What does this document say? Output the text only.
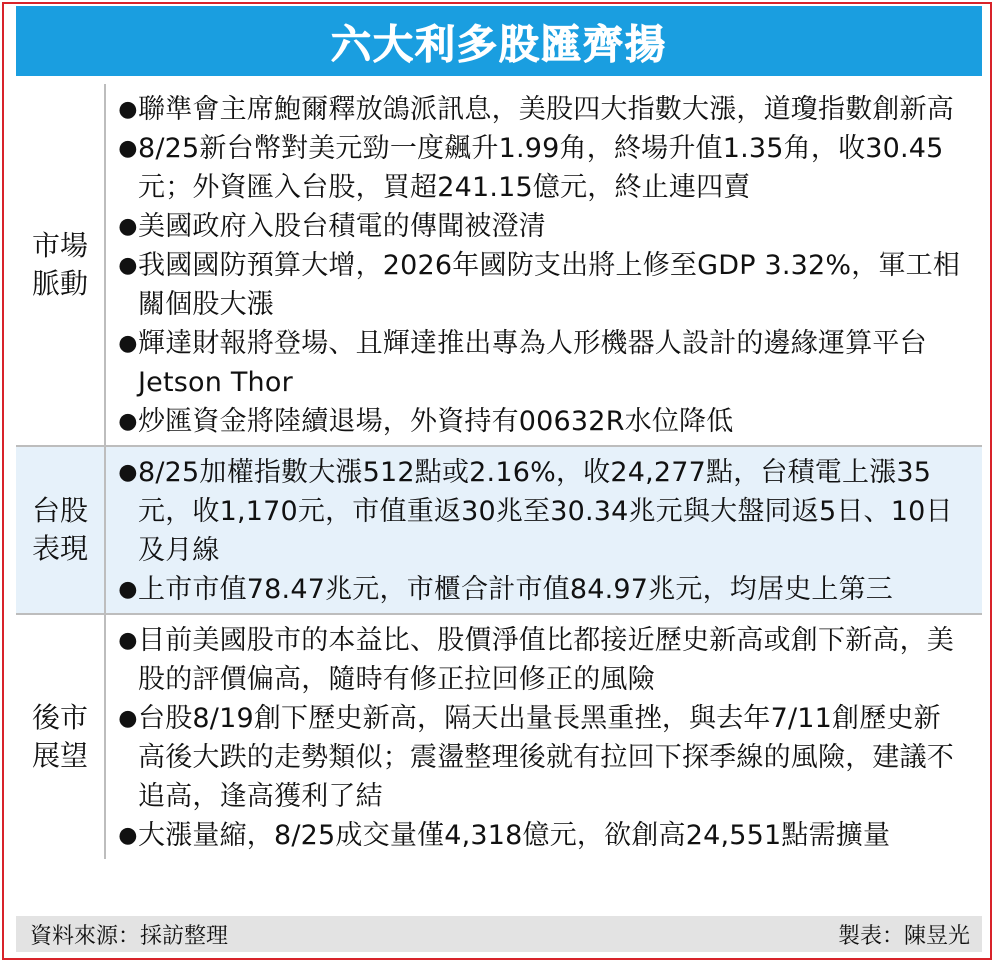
六大利多股匯齊揚
市場脈動
● 聯準會主席鮑爾釋放鴿派訊息，美股四大指數大漲，道瓊指數創新高
● 8/25新台幣對美元勁一度飆升1.99角，終場升值1.35角，收30.45元；外資匯入台股，買超241.15億元，終止連四賣
● 美國政府入股台積電的傳聞被澄清
● 我國國防預算大增，2026年國防支出將上修至GDP 3.32%，軍工相關個股大漲
● 輝達財報將登場、且輝達推出專為人形機器人設計的邊緣運算平台Jetson Thor
● 炒匯資金將陸續退場，外資持有00632R水位降低
台股表現
● 8/25加權指數大漲512點或2.16%，收24,277點，台積電上漲35元，收1,170元，市值重返30兆至30.34兆元與大盤同返5日、10日及月線
● 上市市值78.47兆元，市櫃合計市值84.97兆元，均居史上第三
後市展望
● 目前美國股市的本益比、股價淨值比都接近歷史新高或創下新高，美股的評價偏高，隨時有修正拉回修正的風險
● 台股8/19創下歷史新高，隔天出量長黑重挫，與去年7/11創歷史新高後大跌的走勢類似；震盪整理後就有拉回下探季線的風險，建議不追高，逢高獲利了結
● 大漲量縮，8/25成交量僅4,318億元，欲創高24,551點需擴量
資料來源：採訪整理	製表：陳昱光
